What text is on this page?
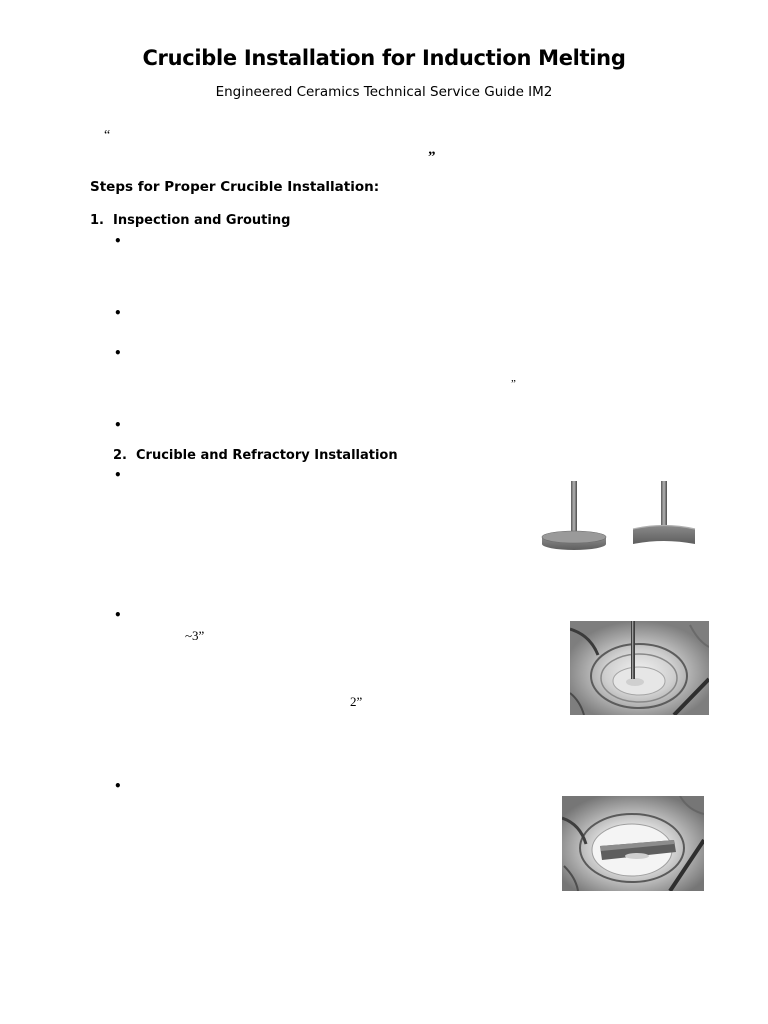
Crucible Installation for Induction Melting
Engineered Ceramics Technical Service Guide IM2
“
”
Steps for Proper Crucible Installation:
1. Inspection and Grouting
•
•
•
”
•
2. Crucible and Refractory Installation
•
•
~3”
2”
•
